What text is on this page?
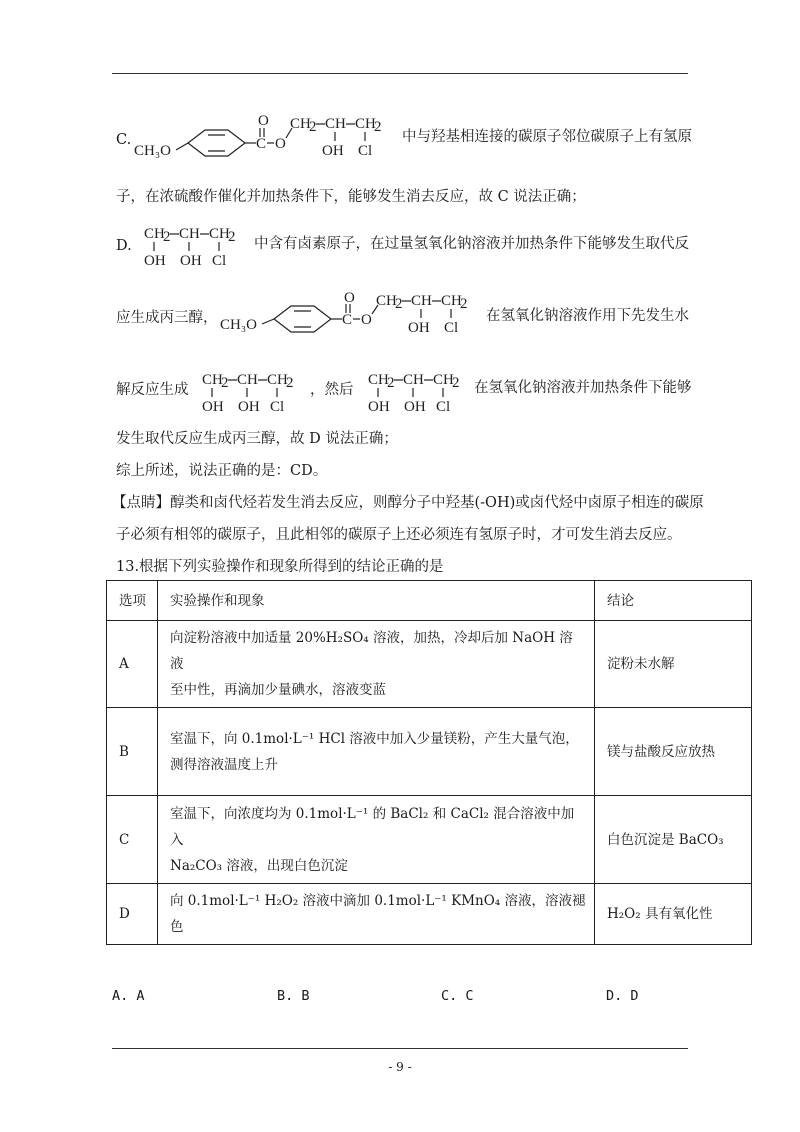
C.
CH₃O	C
O
O
CH
2 CH CH
2
OH Cl
中与羟基相连接的碳原子邻位碳原子上有氢原
子，在浓硫酸作催化并加热条件下，能够发生消去反应，故 C 说法正确；
D.
CH
2 CH CH
2
OH OH Cl
中含有卤素原子，在过量氢氧化钠溶液并加热条件下能够发生取代反
应生成丙三醇， CH₃O	C
O
O
CH
2 CH CH
2
OH Cl
在氢氧化钠溶液作用下先发生水
解反应生成
CH
2 CH CH
2
OH OH Cl
，然后
CH
2 CH CH
2
OH OH Cl
在氢氧化钠溶液并加热条件下能够
发生取代反应生成丙三醇，故 D 说法正确；
综上所述，说法正确的是：CD。
【点睛】醇类和卤代烃若发生消去反应，则醇分子中羟基(-OH)或卤代烃中卤原子相连的碳原
子必须有相邻的碳原子，且此相邻的碳原子上还必须连有氢原子时，才可发生消去反应。
13.根据下列实验操作和现象所得到的结论正确的是
选项	实验操作和现象	结论
A	向淀粉溶液中加适量 20%H₂SO₄ 溶液，加热，冷却后加 NaOH 溶液
至中性，再滴加少量碘水，溶液变蓝	淀粉未水解
B	室温下，向 0.1mol·L⁻¹ HCl 溶液中加入少量镁粉，产生大量气泡，
测得溶液温度上升	镁与盐酸反应放热
C	室温下，向浓度均为 0.1mol·L⁻¹ 的 BaCl₂ 和 CaCl₂ 混合溶液中加入
Na₂CO₃ 溶液，出现白色沉淀	白色沉淀是 BaCO₃
D	向 0.1mol·L⁻¹ H₂O₂ 溶液中滴加 0.1mol·L⁻¹ KMnO₄ 溶液，溶液褪色	H₂O₂ 具有氧化性
A. A	B. B	C. C	D. D
- 9 -
